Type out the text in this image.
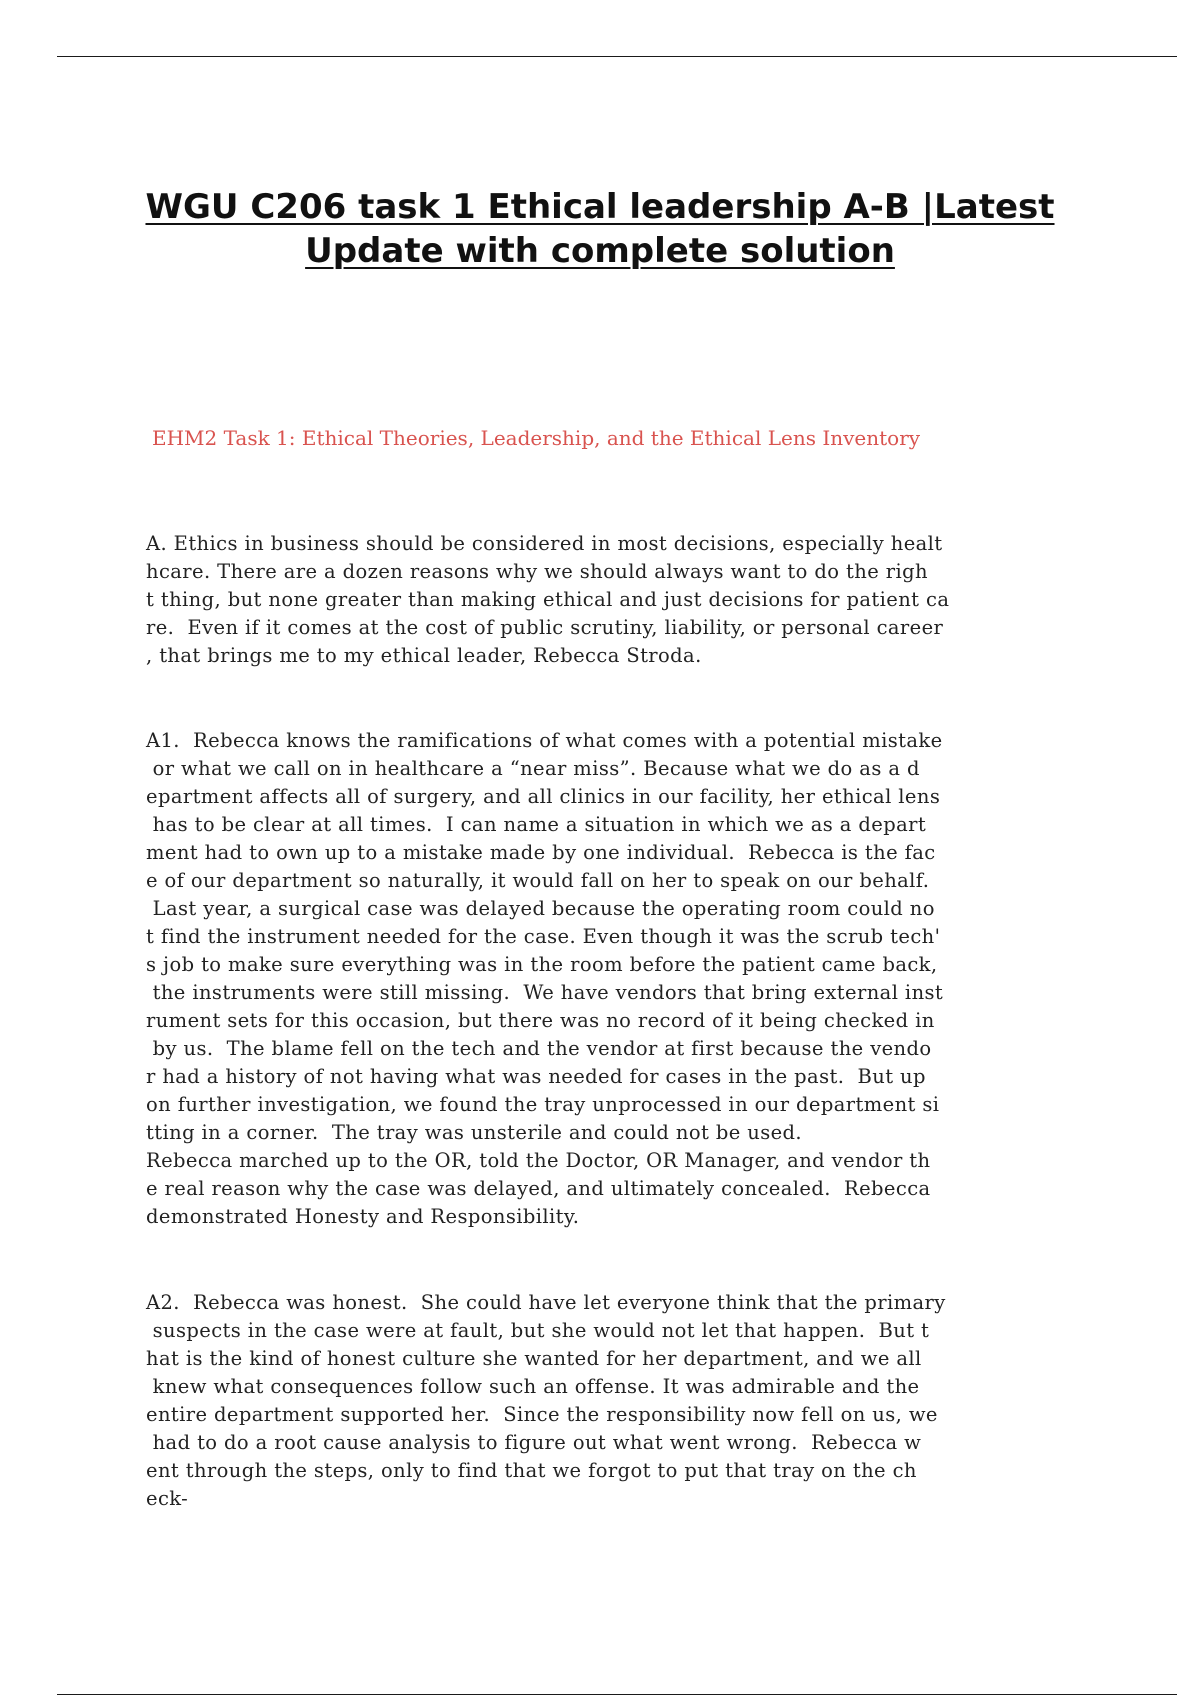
WGU C206 task 1 Ethical leadership A-B |Latest
Update with complete solution
EHM2 Task 1: Ethical Theories, Leadership, and the Ethical Lens Inventory
A. Ethics in business should be considered in most decisions, especially healt
hcare. There are a dozen reasons why we should always want to do the righ
t thing, but none greater than making ethical and just decisions for patient ca
re.  Even if it comes at the cost of public scrutiny, liability, or personal career
, that brings me to my ethical leader, Rebecca Stroda.
A1.  Rebecca knows the ramifications of what comes with a potential mistake
or what we call on in healthcare a “near miss”. Because what we do as a d
epartment affects all of surgery, and all clinics in our facility, her ethical lens
has to be clear at all times.  I can name a situation in which we as a depart
ment had to own up to a mistake made by one individual.  Rebecca is the fac
e of our department so naturally, it would fall on her to speak on our behalf.
Last year, a surgical case was delayed because the operating room could no
t find the instrument needed for the case. Even though it was the scrub tech'
s job to make sure everything was in the room before the patient came back,
the instruments were still missing.  We have vendors that bring external inst
rument sets for this occasion, but there was no record of it being checked in
by us.  The blame fell on the tech and the vendor at first because the vendo
r had a history of not having what was needed for cases in the past.  But up
on further investigation, we found the tray unprocessed in our department si
tting in a corner.  The tray was unsterile and could not be used.
Rebecca marched up to the OR, told the Doctor, OR Manager, and vendor th
e real reason why the case was delayed, and ultimately concealed.  Rebecca
demonstrated Honesty and Responsibility.
A2.  Rebecca was honest.  She could have let everyone think that the primary
suspects in the case were at fault, but she would not let that happen.  But t
hat is the kind of honest culture she wanted for her department, and we all
knew what consequences follow such an offense. It was admirable and the
entire department supported her.  Since the responsibility now fell on us, we
had to do a root cause analysis to figure out what went wrong.  Rebecca w
ent through the steps, only to find that we forgot to put that tray on the ch
eck-
